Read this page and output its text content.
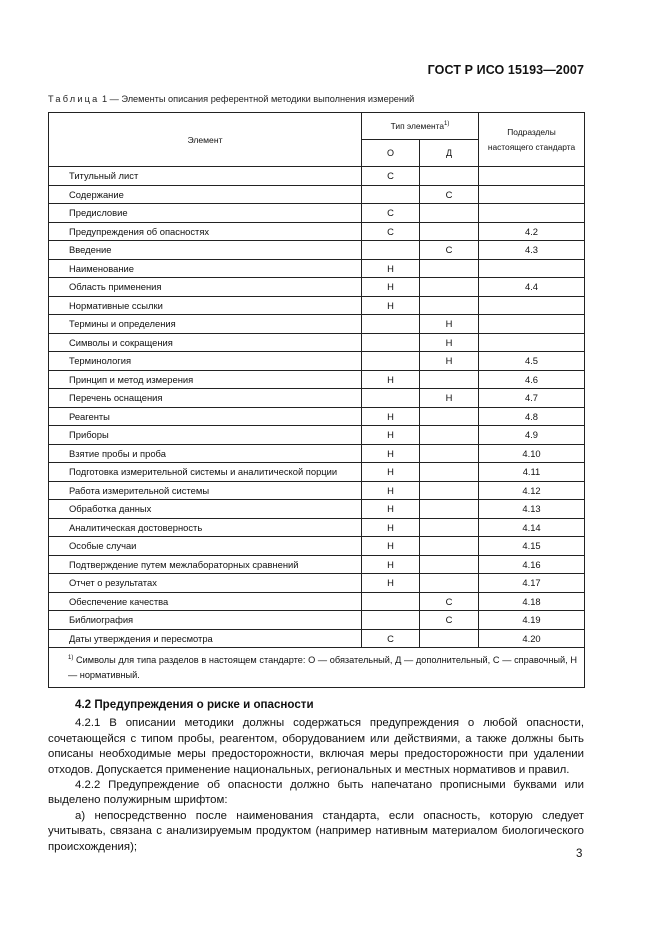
ГОСТ Р ИСО 15193—2007
Таблица 1 — Элементы описания референтной методики выполнения измерений
Элемент	Тип элемента$^{1)}$		Подразделы
настоящего стандарта
	О	Д	
Титульный лист	С		
Содержание		С	
Предисловие	С		
Предупреждения об опасностях	С		4.2
Введение		С	4.3
Наименование	Н		
Область применения	Н		4.4
Нормативные ссылки	Н		
Термины и определения		Н	
Символы и сокращения		Н	
Терминология		Н	4.5
Принцип и метод измерения	Н		4.6
Перечень оснащения		Н	4.7
Реагенты	Н		4.8
Приборы	Н		4.9
Взятие пробы и проба	Н		4.10
Подготовка измерительной системы и аналитической порции	Н		4.11
Работа измерительной системы	Н		4.12
Обработка данных	Н		4.13
Аналитическая достоверность	Н		4.14
Особые случаи	Н		4.15
Подтверждение путем межлабораторных сравнений	Н		4.16
Отчет о результатах	Н		4.17
Обеспечение качества		С	4.18
Библиография		С	4.19
Даты утверждения и пересмотра	С		4.20
$^{1)}$ Символы для типа разделов в настоящем стандарте: О — обязательный, Д — дополнительный, С — справочный, Н — нормативный.			
4.2 Предупреждения о риске и опасности

4.2.1 В описании методики должны содержаться предупреждения о любой опасности, сочетающейся с типом пробы, реагентом, оборудованием или действиями, а также должны быть описаны необходимые меры предосторожности, включая меры предосторожности при удалении отходов. Допускается применение национальных, региональных и местных нормативов и правил.

4.2.2 Предупреждение об опасности должно быть напечатано прописными буквами или выделено полужирным шрифтом:

а) непосредственно после наименования стандарта, если опасность, которую следует учитывать, связана с анализируемым продуктом (например нативным материалом биологического происхождения);

3
